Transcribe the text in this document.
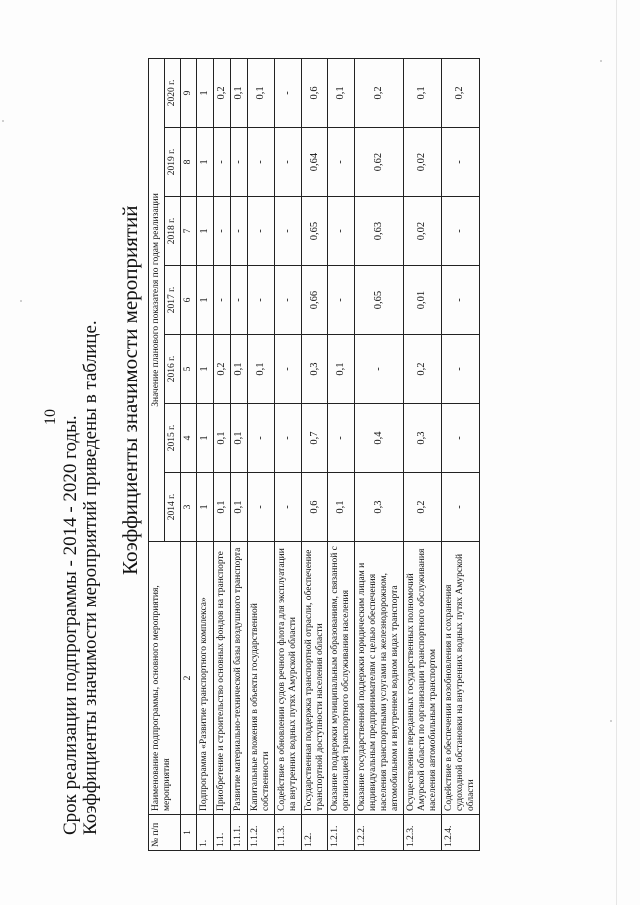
10 Срок реализации подпрограммы - 2014 - 2020 годы. Коэффициенты значимости мероприятий приведены в таблице. Коэффициенты значимости мероприятий
№ п/п	Наименование подпрограммы, основного мероприятия, мероприятия	Значение планового показателя по годам реализации						
		2014 г.	2015 г.	2016 г.	2017 г.	2018 г.	2019 г.	2020 г.
1	2	3	4	5	6	7	8	9
1.	Подпрограмма «Развитие транспортного комплекса»	1	1	1	1	1	1	1
1.1.	Приобретение и строительство основных фондов на транспорте	0,1	0,1	0,2	-	-	-	0,2
1.1.1.	Развитие материально-технической базы воздушного транспорта	0,1	0,1	0,1	-	-	-	0,1
1.1.2.	Капитальные вложения в объекты государственной собственности	-	-	0,1	-	-	-	0,1
1.1.3.	Содействие в обновлении судов речного флота для эксплуатации на внутренних водных путях Амурской области	-	-	-	-	-	-	-
1.2.	Государственная поддержка транспортной отрасли, обеспечение транспортной доступности населения области	0,6	0,7	0,3	0,66	0,65	0,64	0,6
1.2.1.	Оказание поддержки муниципальным образованиям, связанной с организацией транспортного обслуживания населения	0,1	-	0,1	-	-	-	0,1
1.2.2.	Оказание государственной поддержки юридическим лицам и индивидуальным предпринимателям с целью обеспечения населения транспортными услугами на железнодорожном, автомобильном и внутреннем водном видах транспорта	0,3	0,4	-	0,65	0,63	0,62	0,2
1.2.3.	Осуществление переданных государственных полномочий Амурской области по организации транспортного обслуживания населения автомобильным транспортом	0,2	0,3	0,2	0,01	0,02	0,02	0,1
1.2.4.	Содействие в обеспечении возобновления и сохранения судоходной обстановки на внутренних водных путях Амурской области	-	-	-	-	-	-	0,2
